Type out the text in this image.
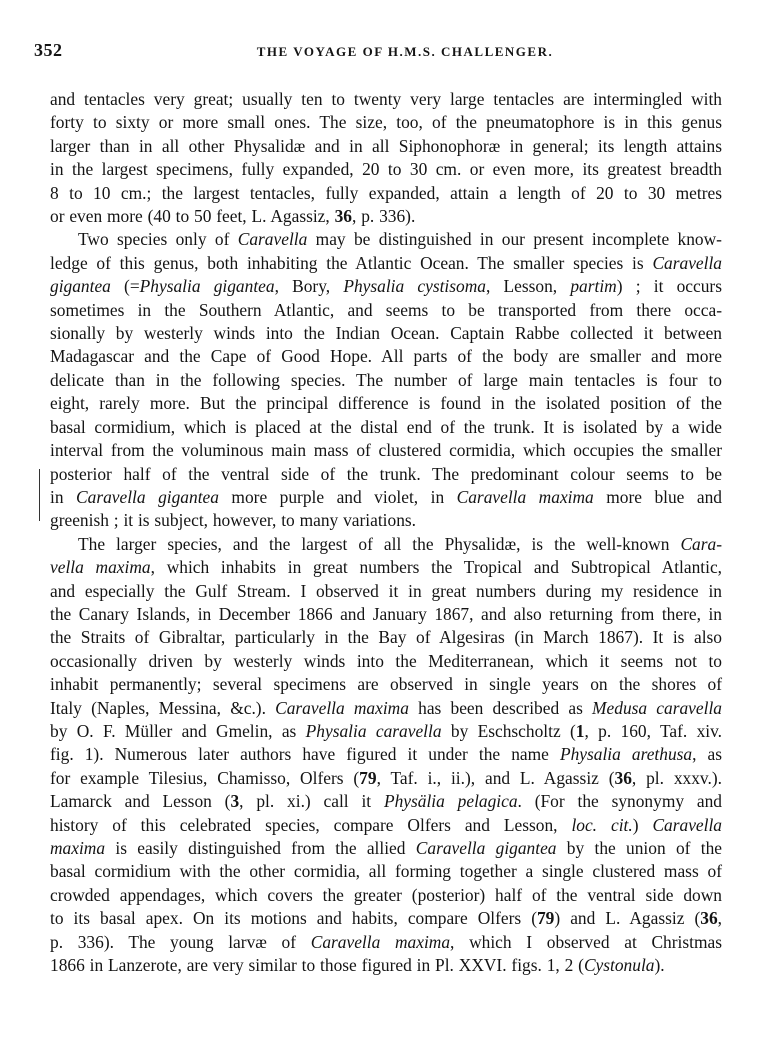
352	THE VOYAGE OF H.M.S. CHALLENGER.
and tentacles very great; usually ten to twenty very large tentacles are intermingled with
forty to sixty or more small ones. The size, too, of the pneumatophore is in this genus
larger than in all other Physalidæ and in all Siphonophoræ in general; its length attains
in the largest specimens, fully expanded, 20 to 30 cm. or even more, its greatest breadth
8 to 10 cm.; the largest tentacles, fully expanded, attain a length of 20 to 30 metres
or even more (40 to 50 feet, L. Agassiz, 36, p. 336).
Two species only of Caravella may be distinguished in our present incomplete know-
ledge of this genus, both inhabiting the Atlantic Ocean. The smaller species is Caravella
gigantea (=Physalia gigantea, Bory, Physalia cystisoma, Lesson, partim) ; it occurs
sometimes in the Southern Atlantic, and seems to be transported from there occa-
sionally by westerly winds into the Indian Ocean. Captain Rabbe collected it between
Madagascar and the Cape of Good Hope. All parts of the body are smaller and more
delicate than in the following species. The number of large main tentacles is four to
eight, rarely more. But the principal difference is found in the isolated position of the
basal cormidium, which is placed at the distal end of the trunk. It is isolated by a wide
interval from the voluminous main mass of clustered cormidia, which occupies the smaller
posterior half of the ventral side of the trunk. The predominant colour seems to be
in Caravella gigantea more purple and violet, in Caravella maxima more blue and
greenish ; it is subject, however, to many variations.
The larger species, and the largest of all the Physalidæ, is the well-known Cara-
vella maxima, which inhabits in great numbers the Tropical and Subtropical Atlantic,
and especially the Gulf Stream. I observed it in great numbers during my residence in
the Canary Islands, in December 1866 and January 1867, and also returning from there, in
the Straits of Gibraltar, particularly in the Bay of Algesiras (in March 1867). It is also
occasionally driven by westerly winds into the Mediterranean, which it seems not to
inhabit permanently; several specimens are observed in single years on the shores of
Italy (Naples, Messina, &c.). Caravella maxima has been described as Medusa caravella
by O. F. Müller and Gmelin, as Physalia caravella by Eschscholtz (1, p. 160, Taf. xiv.
fig. 1). Numerous later authors have figured it under the name Physalia arethusa, as
for example Tilesius, Chamisso, Olfers (79, Taf. i., ii.), and L. Agassiz (36, pl. xxxv.).
Lamarck and Lesson (3, pl. xi.) call it Physälia pelagica. (For the synonymy and
history of this celebrated species, compare Olfers and Lesson, loc. cit.) Caravella
maxima is easily distinguished from the allied Caravella gigantea by the union of the
basal cormidium with the other cormidia, all forming together a single clustered mass of
crowded appendages, which covers the greater (posterior) half of the ventral side down
to its basal apex. On its motions and habits, compare Olfers (79) and L. Agassiz (36,
p. 336). The young larvæ of Caravella maxima, which I observed at Christmas
1866 in Lanzerote, are very similar to those figured in Pl. XXVI. figs. 1, 2 (Cystonula).
